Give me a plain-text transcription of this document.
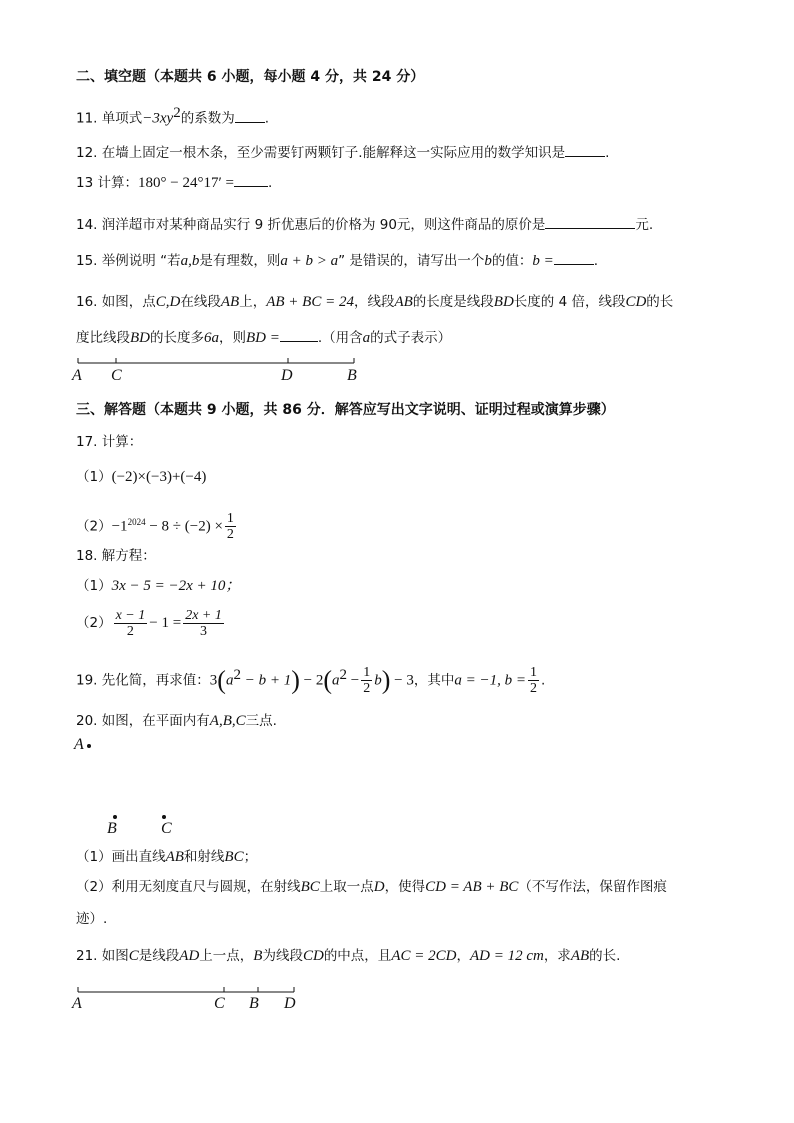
二、填空题（本题共 6 小题，每小题 4 分，共 24 分）
11. 单项式$-3xy^2$的系数为 .
12. 在墙上固定一根木条，至少需要钉两颗钉子.能解释这一实际应用的数学知识是	.
13 计算：180° − 24°17′ =	.
14. 润洋超市对某种商品实行 9 折优惠后的价格为 90元，则这件商品的原价是	元.
15. 举例说明 “若a,b是有理数，则a + b > a” 是错误的，请写出一个b的值：b =	.
16. 如图，点C,D在线段AB上，AB + BC = 24，线段AB的长度是线段BD长度的 4 倍，线段CD的长
度比线段BD的长度多6a，则BD =	.（用含a的式子表示）
A C	D	B
三、解答题（本题共 9 小题，共 86 分．解答应写出文字说明、证明过程或演算步骤）
17. 计算：
（1）(−2)×(−3)+(−4)
$(2)-1^{2024} - 8 \div (-2) \times \frac{1}{2}$
18. 解方程：
（1）3x − 5 = −2x + 10；
$(2) \frac{x - 1}{2} - 1 = \frac{2x + 1}{3}$
19. 先化简，再求值：$3(a^2 - b + 1) - 2(a^2 - \frac{1}{2} b) - 3$，其中a = −1, $b = \frac{1}{2}$ .
20. 如图，在平面内有A,B,C三点.
A
B	C
（1）画出直线AB和射线BC；
（2）利用无刻度直尺与圆规，在射线BC上取一点D，使得CD = AB + BC（不写作法，保留作图痕
迹）.
21. 如图C是线段AD上一点，B为线段CD的中点，且AC = 2CD，AD = 12 cm，求AB的长.
A	C B D
